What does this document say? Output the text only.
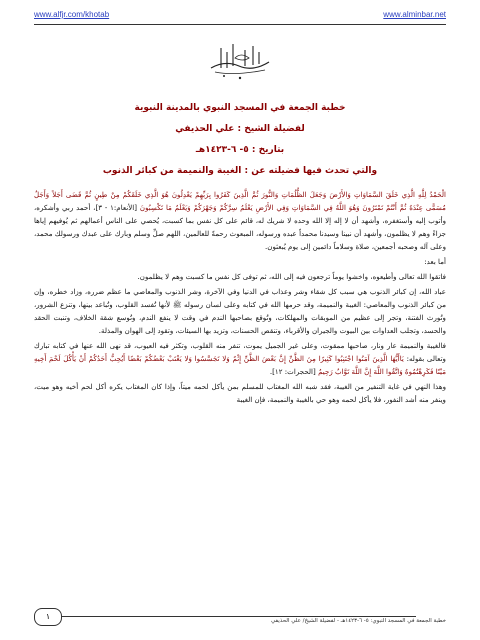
www.alfjr.com/khotab	www.alminbar.net
خطبة الجمعة في المسجد النبوي بالمدينة النبوية
لفضيلة الشيخ : علي الحذيفي
بتاريخ : ٥- ٦-١٤٢٣هـ
والتي تحدث فيها فضيلته عن : الغيبة والنميمة من كبائر الذنوب

الْحَمْدُ لِلَّهِ الَّذِي خَلَقَ السَّمَاوَاتِ وَالأَرْضَ وَجَعَلَ الظُّلُمَاتِ وَالنُّورَ ثُمَّ الَّذِينَ كَفَرُوا بِرَبِّهِمْ يَعْدِلُونَ هُوَ الَّذِي خَلَقَكُمْ مِنْ طِينٍ ثُمَّ قَضَى أَجَلاً وَأَجَلٌ مُسَمًّى عِنْدَهُ ثُمَّ أَنْتُمْ تَمْتَرُونَ وَهُوَ اللَّهُ فِي السَّمَاوَاتِ وَفِي الأَرْضِ يَعْلَمُ سِرَّكُمْ وَجَهْرَكُمْ وَيَعْلَمُ مَا تَكْسِبُونَ [الأنعام:١ - ٣]، أحمد ربي وأشكره، وأتوب إليه وأستغفره، وأشهد أن لا إله إلا الله وحده لا شريك له، قائم على كل نفس بما كسبت، يُحصي على الناس أعمالهم ثم يُوفيهم إياها جزاءً وهم لا يظلمون، وأشهد أن نبينا وسيدنا محمداً عبده ورسوله، المبعوث رحمةً للعالمين، اللهم صلِّ وسلم وبارك على عبدك ورسولك محمد، وعلى آله وصحبه أجمعين، صلاة وسلاماً دائمين إلى يوم يُبعثون.

أما بعد:

فاتقوا الله تعالى وأطيعوه، واخشوا يوماً ترجعون فيه إلى الله، ثم توفى كل نفس ما كسبت وهم لا يظلمون.

عباد الله، إن كبائر الذنوب هي سبب كل شقاء وشر وعذاب في الدنيا وفي الآخرة، وشر الذنوب والمعاصي ما عظم ضرره، وزاد خطره، وإن من كبائر الذنوب والمعاصي: الغيبة والنميمة، وقد حرمها الله في كتابه وعلى لسان رسوله ﷺ لأنها تُفسد القلوب، وتُباعد بينها، وتنزع الشرور، وتُورث الفتنة، وتجر إلى عظيم من الموبقات والمهلكات، وتُوقع بصاحبها الندم في وقت لا ينفع الندم، وتُوسع شقة الخلاف، وتنبت الحقد والحسد، وتجلب العداوات بين البيوت والجيران والأقرباء، وتنقص الحسنات، وتزيد بها السيئات، وتقود إلى الهوان والمذلة.

فالغيبة والنميمة عار ونار، صاحبها ممقوت، وعلى غير الجميل يموت، تنفر منه القلوب، وتكثر فيه العيوب، قد نهى الله عنها في كتابه تبارك وتعالى بقوله: يَاأَيُّهَا الَّذِينَ آمَنُوا اجْتَنِبُوا كَثِيرًا مِنَ الظَّنِّ إِنَّ بَعْضَ الظَّنِّ إِثْمٌ وَلا تَجَسَّسُوا وَلا يَغْتَبْ بَعْضُكُمْ بَعْضًا أَيُحِبُّ أَحَدُكُمْ أَنْ يَأْكُلَ لَحْمَ أَخِيهِ مَيْتًا فَكَرِهْتُمُوهُ وَاتَّقُوا اللَّهَ إِنَّ اللَّهَ تَوَّابٌ رَحِيمٌ [الحجرات: ١٢].

وهذا النهي في غاية التنفير من الغيبة، فقد شبه الله المغتاب للمسلم بمن يأكل لحمه ميتاً، وإذا كان المغتاب يكره أكل لحم أخيه وهو ميت، وينفر منه أشد النفور، فلا يأكل لحمه وهو حي بالغيبة والنميمة، فإن الغيبة

١	خطبة الجمعة في المسجد النبوي: ٥- ٦-١٤٢٣هـ - لفضيلة الشيخ/ علي الحذيفي
